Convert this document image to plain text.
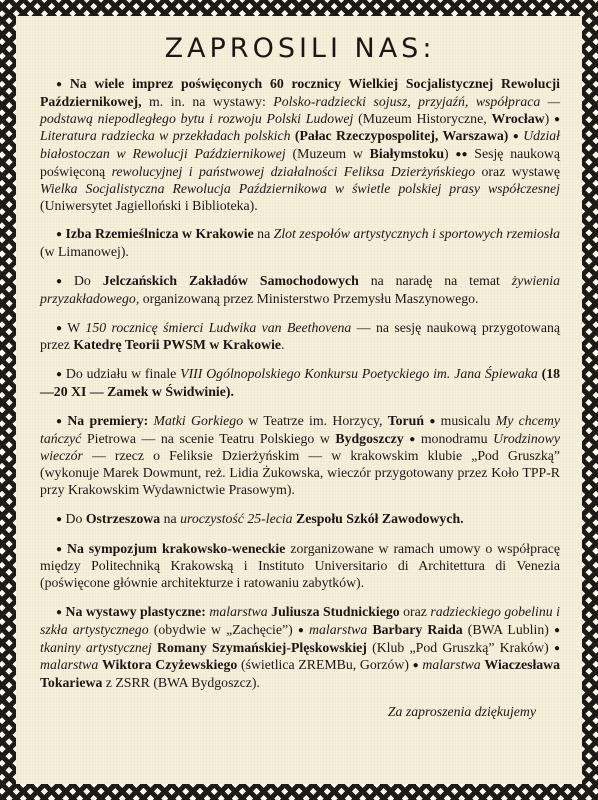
ZAPROSILI NAS:

● Na wiele imprez poświęconych 60 rocznicy Wielkiej Socjalistycznej Rewolucji Październikowej, m. in. na wystawy: Polsko-radziecki sojusz, przyjaźń, współpraca — podstawą niepodległego bytu i rozwoju Polski Ludowej (Muzeum Historyczne, Wrocław) ● Literatura radziecka w przekładach polskich (Pałac Rzeczypospolitej, Warszawa) ● Udział białostoczan w Rewolucji Październikowej (Muzeum w Białymstoku) ●● Sesję naukową poświęconą rewolucyjnej i państwowej działalności Feliksa Dzierżyńskiego oraz wystawę Wielka Socjalistyczna Rewolucja Październikowa w świetle polskiej prasy współczesnej (Uniwersytet Jagielloński i Biblioteka).

● Izba Rzemieślnicza w Krakowie na Zlot zespołów artystycznych i sportowych rzemiosła (w Limanowej).

● Do Jelczańskich Zakładów Samochodowych na naradę na temat żywienia przyzakładowego, organizowaną przez Ministerstwo Przemysłu Maszynowego.

● W 150 rocznicę śmierci Ludwika van Beethovena — na sesję naukową przygotowaną przez Katedrę Teorii PWSM w Krakowie.

● Do udziału w finale VIII Ogólnopolskiego Konkursu Poetyckiego im. Jana Śpiewaka (18—20 XI — Zamek w Świdwinie).

● Na premiery: Matki Gorkiego w Teatrze im. Horzycy, Toruń ● musicalu My chcemy tańczyć Pietrowa — na scenie Teatru Polskiego w Bydgoszczy ● monodramu Urodzinowy wieczór — rzecz o Feliksie Dzierżyńskim — w krakowskim klubie „Pod Gruszką” (wykonuje Marek Dowmunt, reż. Lidia Żukowska, wieczór przygotowany przez Koło TPP-R przy Krakowskim Wydawnictwie Prasowym).

● Do Ostrzeszowa na uroczystość 25-lecia Zespołu Szkół Zawodowych.

● Na sympozjum krakowsko-weneckie zorganizowane w ramach umowy o współpracę między Politechniką Krakowską i Instituto Universitario di Architettura di Venezia (poświęcone głównie architekturze i ratowaniu zabytków).

● Na wystawy plastyczne: malarstwa Juliusza Studnickiego oraz radzieckiego gobelinu i szkła artystycznego (obydwie w „Zachęcie”) ● malarstwa Barbary Raida (BWA Lublin) ● tkaniny artystycznej Romany Szymańskiej-Plęskowskiej (Klub „Pod Gruszką” Kraków) ● malarstwa Wiktora Czyżewskiego (świetlica ZREMBu, Gorzów) ● malarstwa Wiaczesława Tokariewa z ZSRR (BWA Bydgoszcz).

Za zaproszenia dziękujemy
